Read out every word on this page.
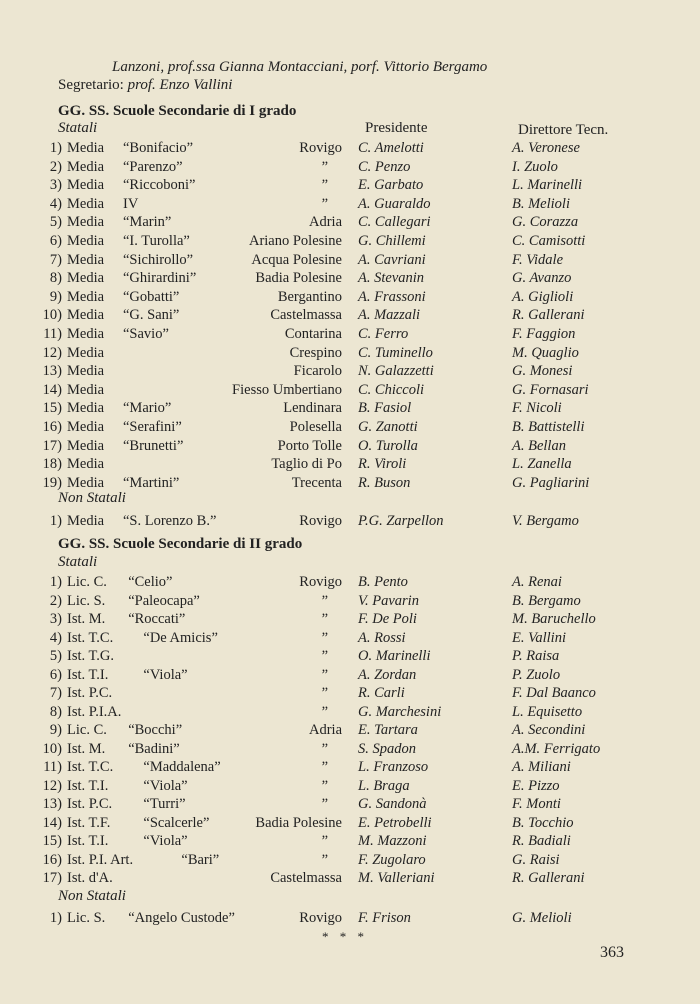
Lanzoni, prof.ssa Gianna Montacciani, porf. Vittorio Bergamo
Segretario: prof. Enzo Vallini
GG. SS. Scuole Secondarie di I grado
Statali	Presidente	Direttore Tecn.
1) Media “Bonifacio”	Rovigo C. Amelotti	A. Veronese
2) Media “Parenzo”	” C. Penzo	I. Zuolo
3) Media “Riccoboni”	” E. Garbato	L. Marinelli
4) Media IV	” A. Guaraldo	B. Melioli
5) Media “Marin”	Adria C. Callegari	G. Corazza
6) Media “I. Turolla”	Ariano Polesine G. Chillemi	C. Camisotti
7) Media “Sichirollo”	Acqua Polesine A. Cavriani	F. Vidale
8) Media “Ghirardini”	Badia Polesine A. Stevanin	G. Avanzo
9) Media “Gobatti”	Bergantino A. Frassoni	A. Giglioli
10) Media “G. Sani”	Castelmassa A. Mazzali	R. Gallerani
11) Media “Savio”	Contarina C. Ferro	F. Faggion
12) Media	Crespino C. Tuminello	M. Quaglio
13) Media	Ficarolo N. Galazzetti	G. Monesi
14) Media	Fiesso Umbertiano C. Chiccoli	G. Fornasari
15) Media “Mario”	Lendinara B. Fasiol	F. Nicoli
16) Media “Serafini”	Polesella G. Zanotti	B. Battistelli
17) Media “Brunetti”	Porto Tolle O. Turolla	A. Bellan
18) Media	Taglio di Po R. Viroli	L. Zanella
19) Media “Martini”	Trecenta R. Buson	G. Pagliarini
Non Statali
1) Media “S. Lorenzo B.”	Rovigo P.G. Zarpellon	V. Bergamo
GG. SS. Scuole Secondarie di II grado
Statali
1) Lic. C. “Celio”	Rovigo B. Pento	A. Renai
2) Lic. S. “Paleocapa”	” V. Pavarin	B. Bergamo
3) Ist. M. “Roccati”	” F. De Poli	M. Baruchello
4) Ist. T.C. “De Amicis”	” A. Rossi	E. Vallini
5) Ist. T.G.	” O. Marinelli	P. Raisa
6) Ist. T.I. “Viola”	” A. Zordan	P. Zuolo
7) Ist. P.C.	” R. Carli	F. Dal Baanco
8) Ist. P.I.A.	” G. Marchesini	L. Equisetto
9) Lic. C. “Bocchi”	Adria E. Tartara	A. Secondini
10) Ist. M. “Badini”	” S. Spadon	A.M. Ferrigato
11) Ist. T.C. “Maddalena”	” L. Franzoso	A. Miliani
12) Ist. T.I. “Viola”	” L. Braga	E. Pizzo
13) Ist. P.C. “Turri”	” G. Sandonà	F. Monti
14) Ist. T.F. “Scalcerle”	Badia Polesine E. Petrobelli	B. Tocchio
15) Ist. T.I. “Viola”	” M. Mazzoni	R. Badiali
16) Ist. P.I. Art.	“Bari”	” F. Zugolaro	G. Raisi
17) Ist. d'A.	Castelmassa M. Valleriani	R. Gallerani
Non Statali
1) Lic. S. “Angelo Custode”	Rovigo F. Frison	G. Melioli
* * *
363
